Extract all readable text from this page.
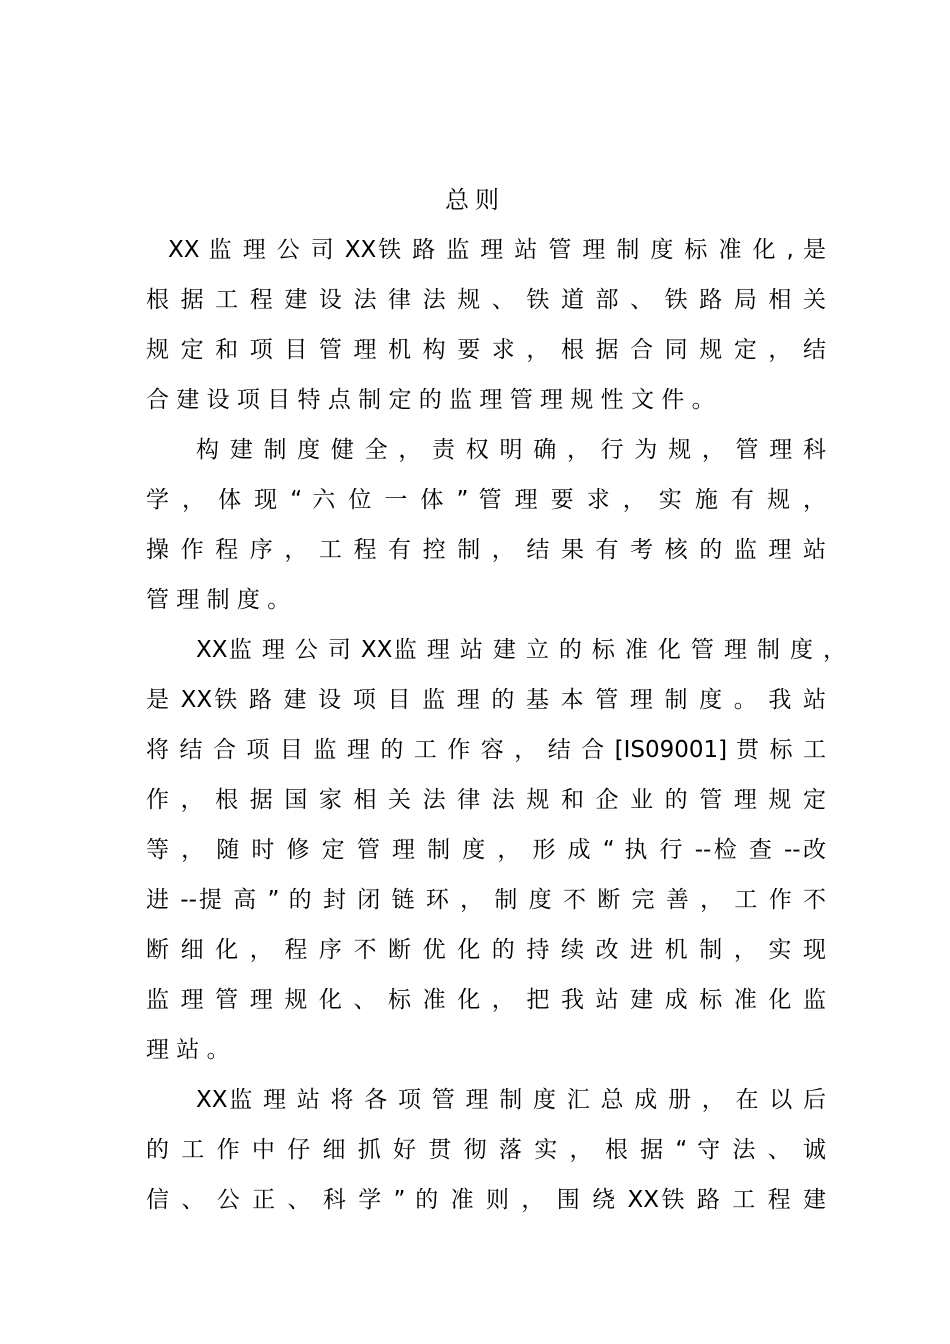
总则
XX 监 理 公 司 XX铁 路 监 理 站 管 理 制 度 标 准 化 , 是
根 据 工 程 建 设 法 律 法 规 、 铁 道 部 、 铁 路 局 相 关
规 定 和 项 目 管 理 机 构 要 求 ， 根 据 合 同 规 定 ， 结
合 建 设 项 目 特 点 制 定 的 监 理 管 理 规 性 文 件 。
构 建 制 度 健 全 ， 责 权 明 确 ， 行 为 规 ， 管 理 科
学 ， 体 现 “ 六 位 一 体 ” 管 理 要 求 ， 实 施 有 规 ，
操 作 程 序 ， 工 程 有 控 制 ， 结 果 有 考 核 的 监 理 站
管 理 制 度 。
XX监 理 公 司 XX监 理 站 建 立 的 标 准 化 管 理 制 度 ，
是 XX铁 路 建 设 项 目 监 理 的 基 本 管 理 制 度 。 我 站
将 结 合 项 目 监 理 的 工 作 容 ， 结 合 [IS09001] 贯 标 工
作 ， 根 据 国 家 相 关 法 律 法 规 和 企 业 的 管 理 规 定
等 ， 随 时 修 定 管 理 制 度 ， 形 成 “ 执 行 --检 查 --改
进 --提 高 ” 的 封 闭 链 环 ， 制 度 不 断 完 善 ， 工 作 不
断 细 化 ， 程 序 不 断 优 化 的 持 续 改 进 机 制 ， 实 现
监 理 管 理 规 化 、 标 准 化 ， 把 我 站 建 成 标 准 化 监
理 站 。
XX监 理 站 将 各 项 管 理 制 度 汇 总 成 册 ， 在 以 后
的 工 作 中 仔 细 抓 好 贯 彻 落 实 ， 根 据 “ 守 法 、 诚
信 、 公 正 、 科 学 ” 的 准 则 ， 围 绕 XX铁 路 工 程 建
